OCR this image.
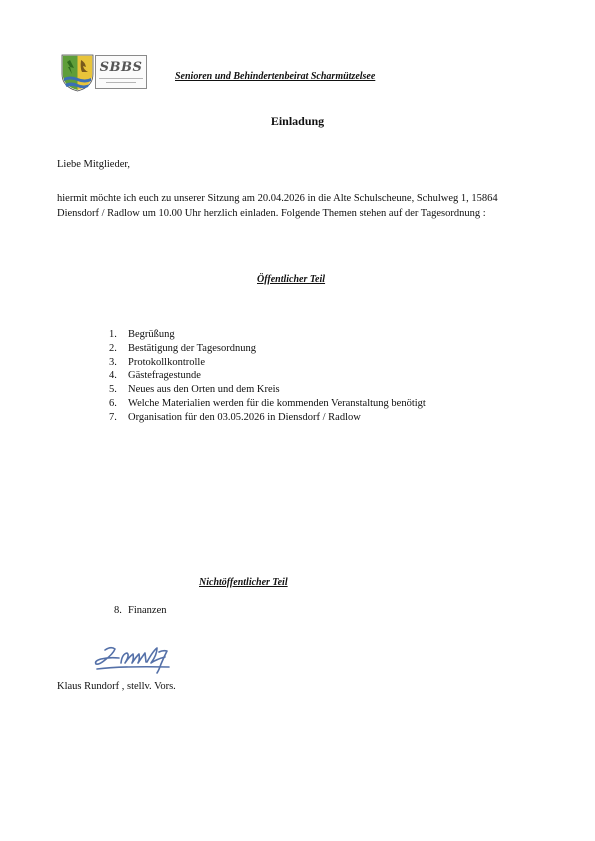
SBBS
Senioren und Behindertenbeirat Scharmützelsee
Einladung
Liebe Mitglieder,
hiermit möchte ich euch zu unserer Sitzung am 20.04.2026 in die Alte Schulscheune, Schulweg 1, 15864 Diensdorf / Radlow um 10.00 Uhr herzlich einladen. Folgende Themen stehen auf der Tagesordnung :
Öffentlicher Teil
1.	Begrüßung
2.	Bestätigung der Tagesordnung
3.	Protokollkontrolle
4.	Gästefragestunde
5.	Neues aus den Orten und dem Kreis
6.	Welche Materialien werden für die kommenden Veranstaltung benötigt
7.	Organisation für den 03.05.2026 in Diensdorf / Radlow
Nichtöffentlicher Teil
8. Finanzen
Klaus Rundorf , stellv. Vors.
